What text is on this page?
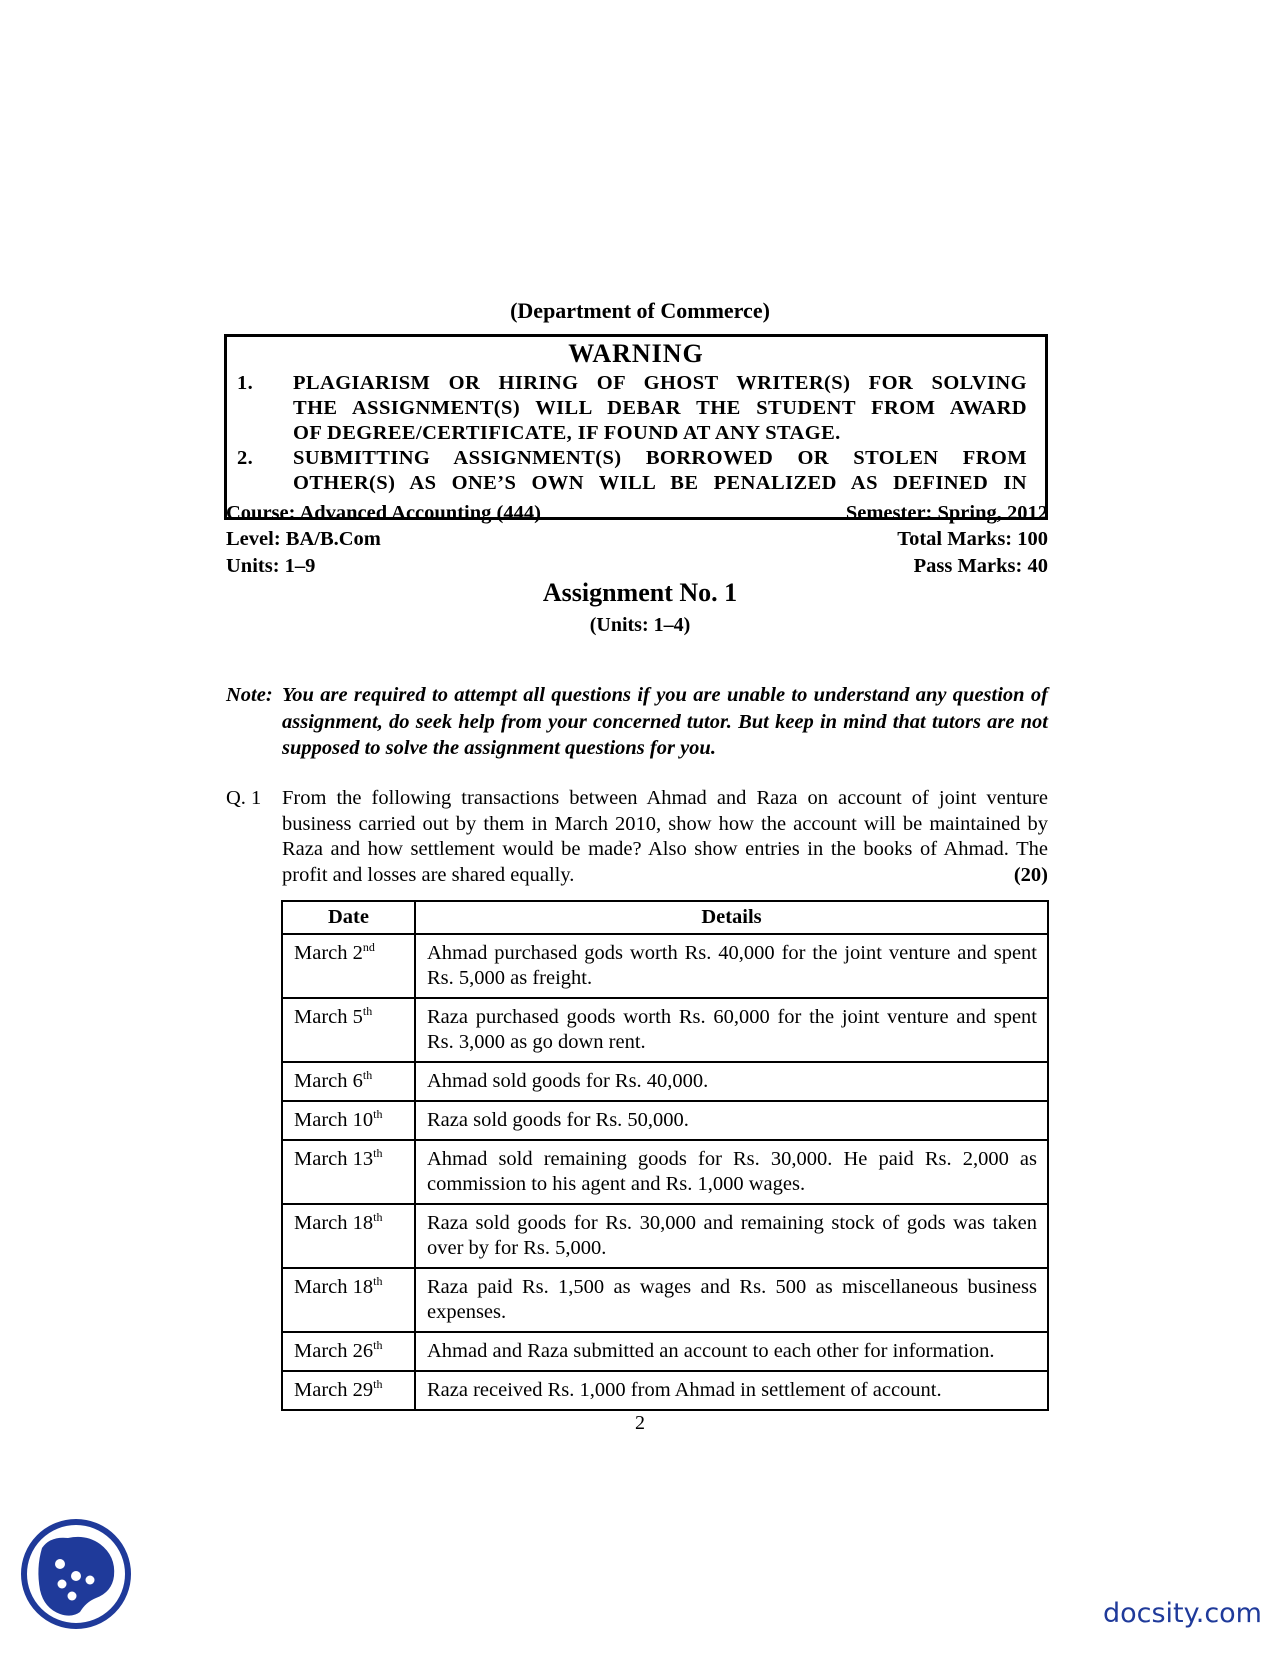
(Department of Commerce)
WARNING
1.	PLAGIARISM OR HIRING OF GHOST WRITER(S) FOR SOLVING
THE ASSIGNMENT(S) WILL DEBAR THE STUDENT FROM AWARD
OF DEGREE/CERTIFICATE, IF FOUND AT ANY STAGE.
2.	SUBMITTING ASSIGNMENT(S) BORROWED OR STOLEN FROM
OTHER(S) AS ONE’S OWN WILL BE PENALIZED AS DEFINED IN
Course: Advanced Accounting (444)	Semester: Spring, 2012
Level: BA/B.Com	Total Marks: 100
Units: 1–9	Pass Marks: 40
Assignment No. 1
(Units: 1–4)
Note: You are required to attempt all questions if you are unable to understand any question of assignment, do seek help from your concerned tutor. But keep in mind that tutors are not supposed to solve the assignment questions for you.
Q. 1 From the following transactions between Ahmad and Raza on account of joint venture business carried out by them in March 2010, show how the account will be maintained by Raza and how settlement would be made? Also show entries in the books of Ahmad. The profit and losses are shared equally.	(20)
Date	Details
March 2nd	Ahmad purchased gods worth Rs. 40,000 for the joint venture and spent Rs. 5,000 as freight.
March 5th	Raza purchased goods worth Rs. 60,000 for the joint venture and spent Rs. 3,000 as go down rent.
March 6th	Ahmad sold goods for Rs. 40,000.
March 10th	Raza sold goods for Rs. 50,000.
March 13th	Ahmad sold remaining goods for Rs. 30,000. He paid Rs. 2,000 as commission to his agent and Rs. 1,000 wages.
March 18th	Raza sold goods for Rs. 30,000 and remaining stock of gods was taken over by for Rs. 5,000.
March 18th	Raza paid Rs. 1,500 as wages and Rs. 500 as miscellaneous business expenses.
March 26th	Ahmad and Raza submitted an account to each other for information.
March 29th	Raza received Rs. 1,000 from Ahmad in settlement of account.
2
docsity.com
